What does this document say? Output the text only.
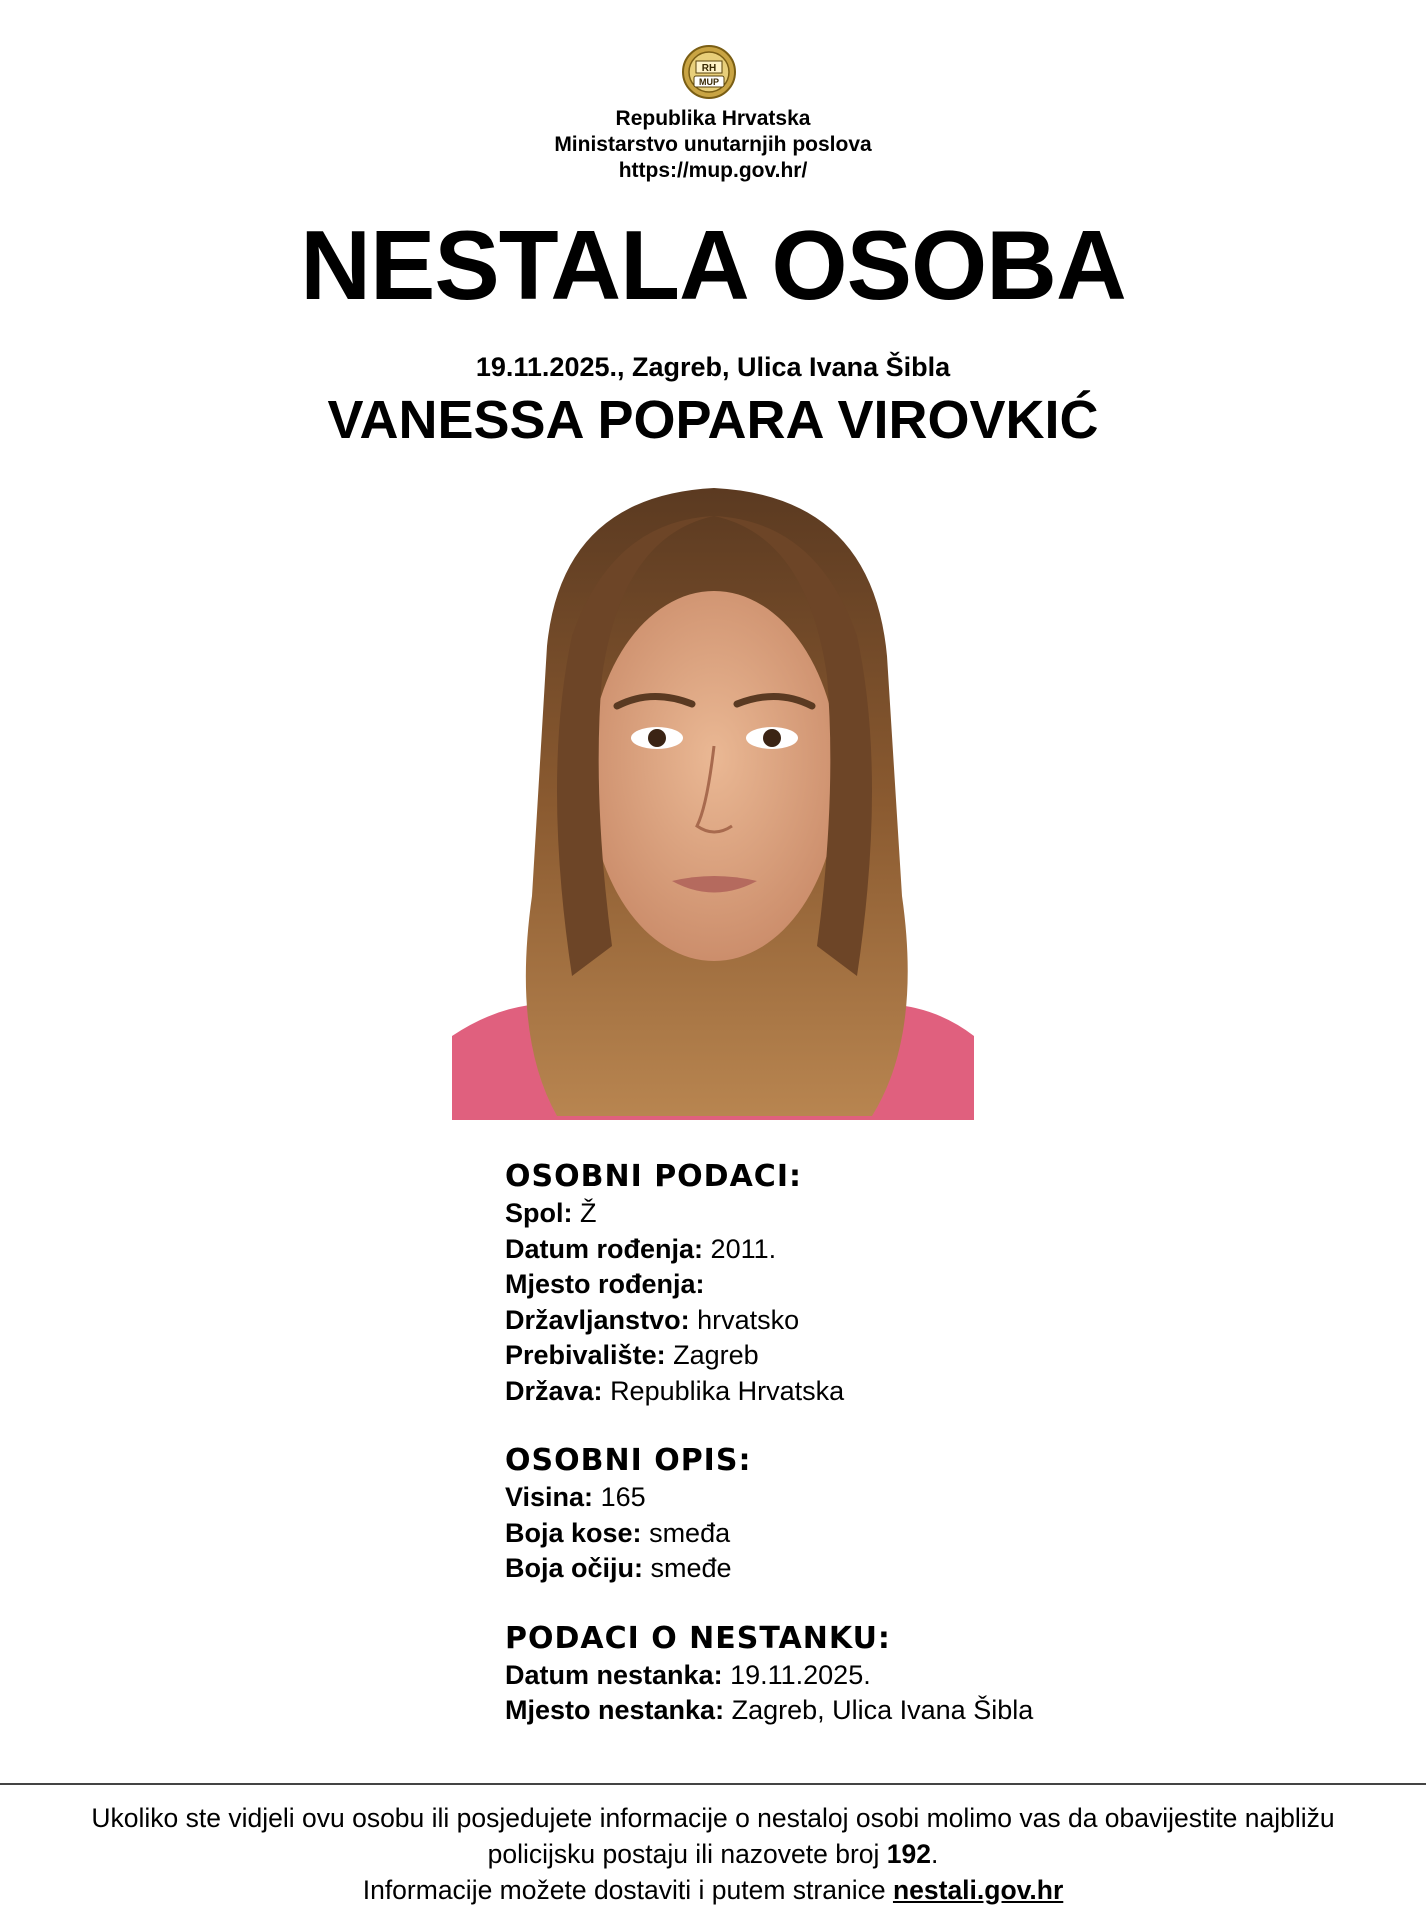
RH
MUP
Republika Hrvatska
Ministarstvo unutarnjih poslova
https://mup.gov.hr/
NESTALA OSOBA
19.11.2025., Zagreb, Ulica Ivana Šibla
VANESSA POPARA VIROVKIĆ
OSOBNI PODACI:
Spol: Ž
Datum rođenja: 2011.
Mjesto rođenja:
Državljanstvo: hrvatsko
Prebivalište: Zagreb
Država: Republika Hrvatska
OSOBNI OPIS:
Visina: 165
Boja kose: smeđa
Boja očiju: smeđe
PODACI O NESTANKU:
Datum nestanka: 19.11.2025.
Mjesto nestanka: Zagreb, Ulica Ivana Šibla
Ukoliko ste vidjeli ovu osobu ili posjedujete informacije o nestaloj osobi molimo vas da obavijestite najbližu
policijsku postaju ili nazovete broj 192.
Informacije možete dostaviti i putem stranice nestali.gov.hr
